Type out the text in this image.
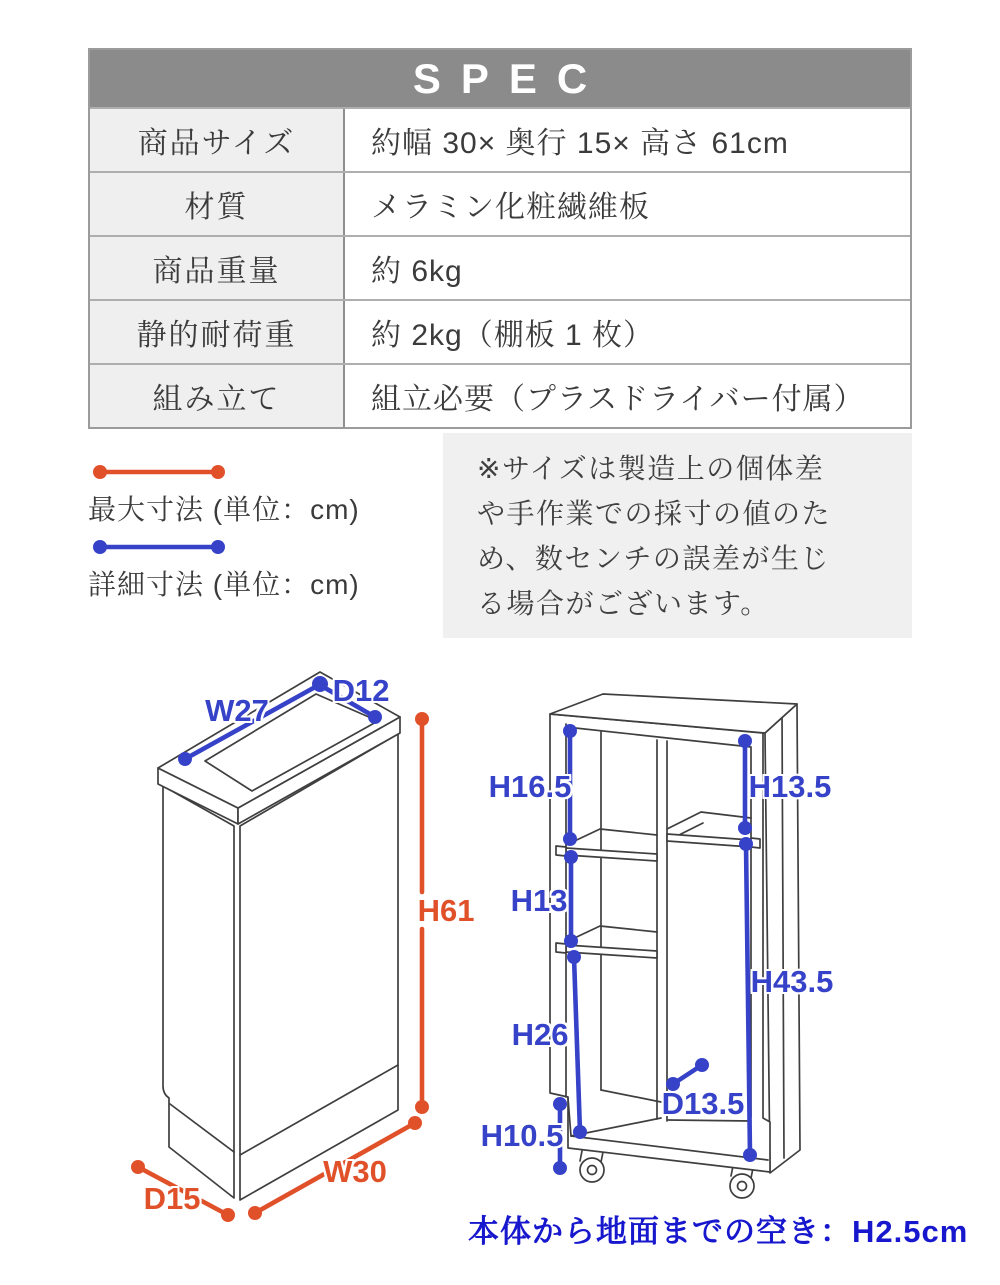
SPEC
商品サイズ	約幅 30× 奥行 15× 高さ 61cm
材質	メラミン化粧繊維板
商品重量	約 6kg
静的耐荷重	約 2kg（棚板 1 枚）
組み立て	組立必要（プラスドライバー付属）
最大寸法 (単位：cm)
詳細寸法 (単位：cm)
※サイズは製造上の個体差
や手作業での採寸の値のた
め、数センチの誤差が生じ
る場合がございます。
W27
D12
H61
W30
D15
H16.5	H13.5
H13
H43.5
H26
D13.5
H10.5
本体から地面までの空き：H2.5cm
